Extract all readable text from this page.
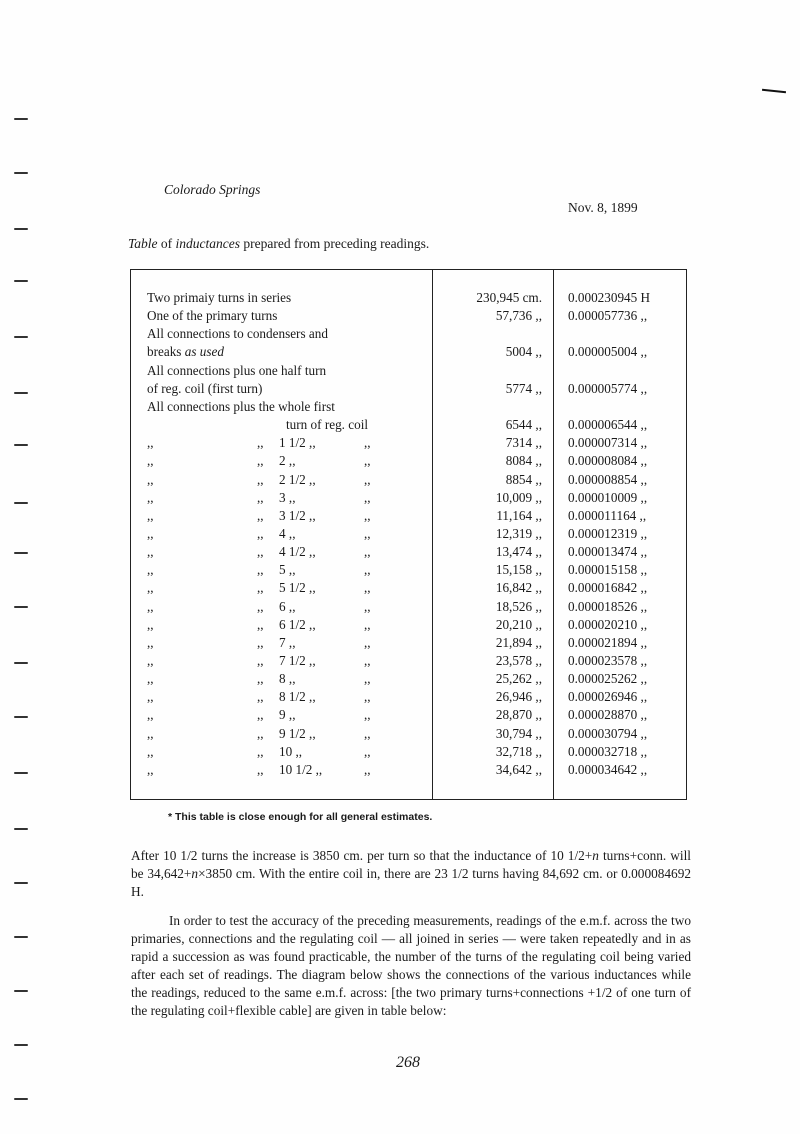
Colorado Springs
Nov. 8, 1899
Table of inductances prepared from preceding readings.
Two primaiy turns in series	230,945 cm. 0.000230945 H
One of the primary turns	57,736 ,, 0.000057736 ,,
All connections to condensers and
breaks as used	5004 ,, 0.000005004 ,,
All connections plus one half turn
of reg. coil (first turn)	5774 ,, 0.000005774 ,,
All connections plus the whole first
turn of reg. coil	6544 ,, 0.000006544 ,,
,,	,, 1 1/2 ,,	,,	7314 ,, 0.000007314 ,,
,,	,, 2 ,,	,,	8084 ,, 0.000008084 ,,
,,	,, 2 1/2 ,,	,,	8854 ,, 0.000008854 ,,
,,	,, 3 ,,	,,	10,009 ,, 0.000010009 ,,
,,	,, 3 1/2 ,,	,,	11,164 ,, 0.000011164 ,,
,,	,, 4 ,,	,,	12,319 ,, 0.000012319 ,,
,,	,, 4 1/2 ,,	,,	13,474 ,, 0.000013474 ,,
,,	,, 5 ,,	,,	15,158 ,, 0.000015158 ,,
,,	,, 5 1/2 ,,	,,	16,842 ,, 0.000016842 ,,
,,	,, 6 ,,	,,	18,526 ,, 0.000018526 ,,
,,	,, 6 1/2 ,,	,,	20,210 ,, 0.000020210 ,,
,,	,, 7 ,,	,,	21,894 ,, 0.000021894 ,,
,,	,, 7 1/2 ,,	,,	23,578 ,, 0.000023578 ,,
,,	,, 8 ,,	,,	25,262 ,, 0.000025262 ,,
,,	,, 8 1/2 ,,	,,	26,946 ,, 0.000026946 ,,
,,	,, 9 ,,	,,	28,870 ,, 0.000028870 ,,
,,	,, 9 1/2 ,,	,,	30,794 ,, 0.000030794 ,,
,,	,, 10 ,,	,,	32,718 ,, 0.000032718 ,,
,,	,, 10 1/2 ,,	,,	34,642 ,, 0.000034642 ,,
* This table is close enough for all general estimates.
After 10 1/2 turns the increase is 3850 cm. per turn so that the inductance of 10 1/2+n turns+conn. will be 34,642+n×3850 cm. With the entire coil in, there are 23 1/2 turns having 84,692 cm. or 0.000084692 H.
In order to test the accuracy of the preceding measurements, readings of the e.m.f. across the two primaries, connections and the regulating coil — all joined in series — were taken repeatedly and in as rapid a succession as was found practicable, the number of the turns of the regulating coil being varied after each set of readings. The diagram below shows the connections of the various inductances while the readings, reduced to the same e.m.f. across: [the two primary turns+connections +1/2 of one turn of the regulating coil+flexible cable] are given in table below:
268
